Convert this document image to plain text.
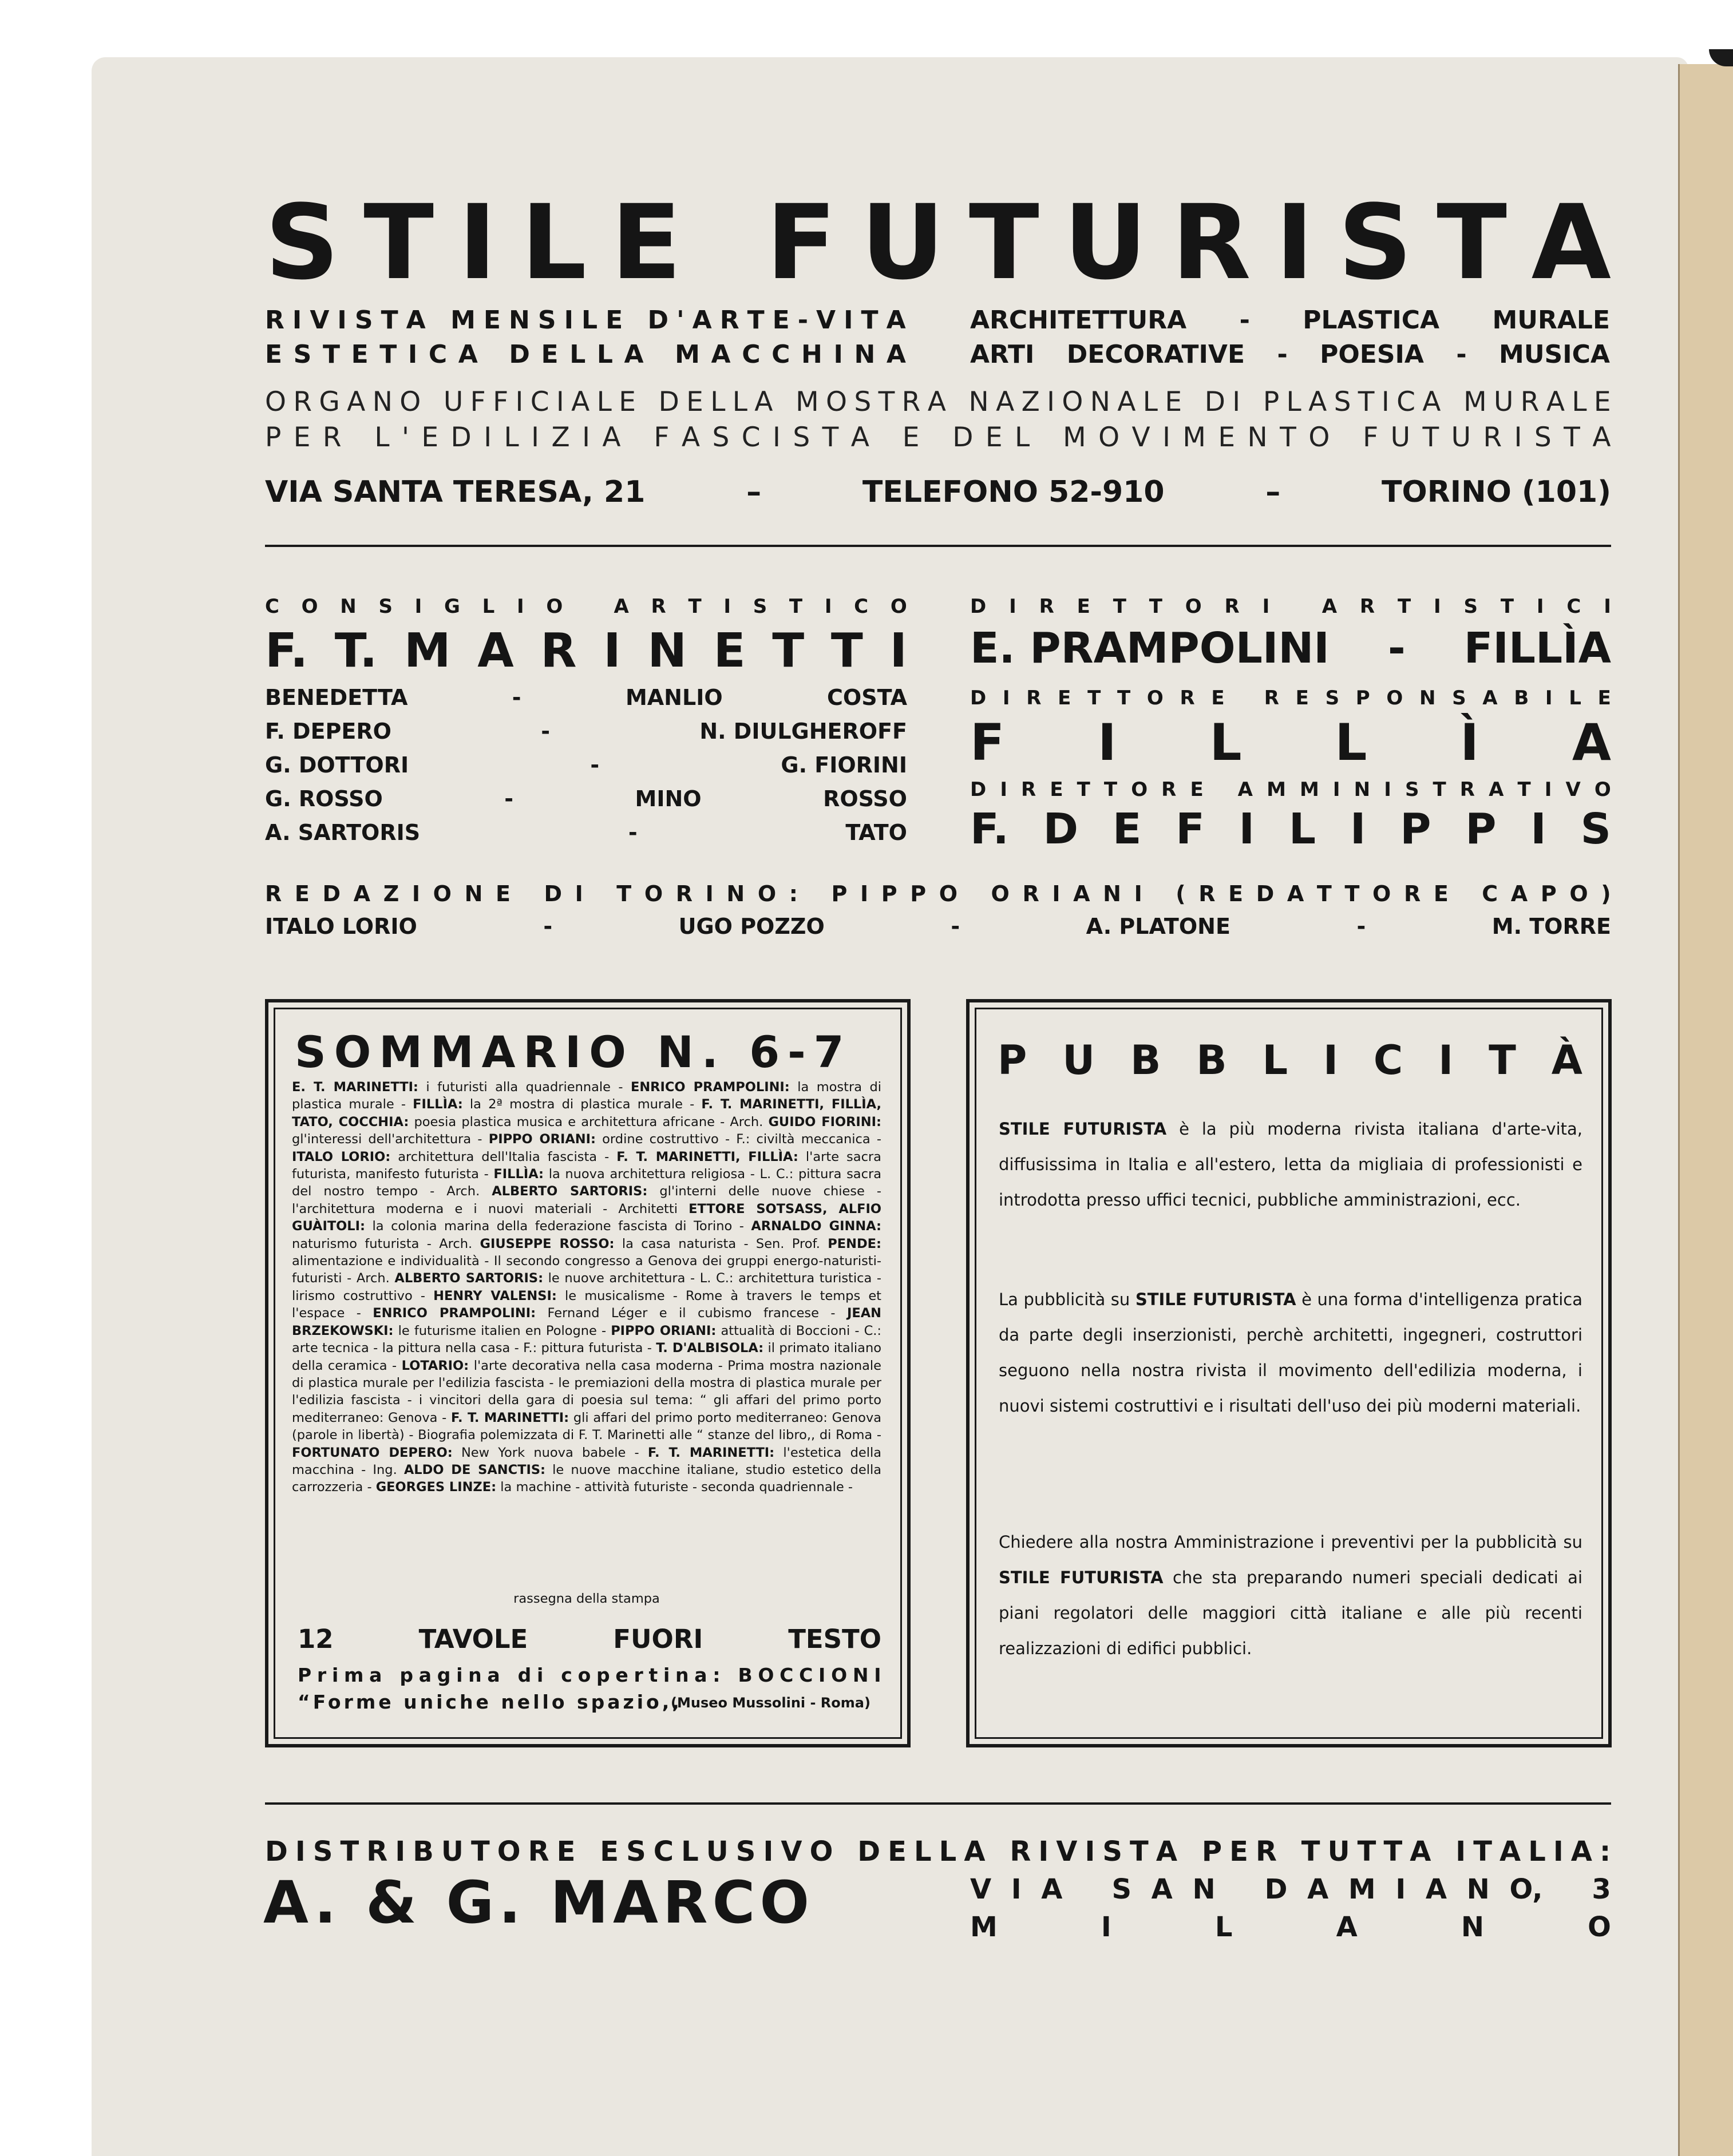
S T I L E
F U T U R I S T A
R I V I S T A
M E N S I L E
D ' A R T E - V I T A
E S T E T I C A
D E L L A
M A C C H I N A
ARCHITETTURA - PLASTICA MURALE
ARTI DECORATIVE - POESIA - MUSICA
O R G A N O
U F F I C I A L E
D E L L A
M O S T R A
N A Z I O N A L E
D I
P L A S T I C A
M U R A L E
P E R
L ' E D I L I Z I A
F A S C I S T A
E
D E L
M O V I M E N T O
F U T U R I S T A
VIA SANTA TERESA, 21	–	TELEFONO 52-910	–	TORINO (101)
C O N S I G L I O
	A R T I S T I C O
F. T. M A R I N E T T I
BENEDETTA	-	MANLIO	COSTA
F. DEPERO	-	N. DIULGHEROFF
G. DOTTORI	-	G. FIORINI
G. ROSSO	-	MINO	ROSSO
A. SARTORIS	-	TATO
D I R E T T O R I
	A R T I S T I C I
E. PRAMPOLINI - FILLÌA
D I R E T T O R E
R E S P O N S A B I L E
F I L L Ì A
D I R E T T O R E
A M M I N I S T R A T I V O
F. D E F I L I P P I S
R E D A Z I O N E
D I
T O R I N O :
P I P P O
O R I A N I
( R E D A T T O R E
C A P O )
ITALO LORIO	-	UGO POZZO	-	A. PLATONE	-	M. TORRE
SOMMARIO N. 6-7
E. T. MARINETTI: i futuristi alla quadriennale - ENRICO PRAMPOLINI: la mostra di plastica murale - FILLÌA: la 2ª mostra di plastica murale - F. T. MARINETTI, FILLÌA, TATO, COCCHIA: poesia plastica musica e architettura africane - Arch. GUIDO FIORINI: gl'interessi dell'architettura - PIPPO ORIANI: ordine costruttivo - F.: civiltà meccanica - ITALO LORIO: architettura dell'Italia fascista - F. T. MARINETTI, FILLÌA: l'arte sacra futurista, manifesto futurista - FILLÌA: la nuova architettura religiosa - L. C.: pittura sacra del nostro tempo - Arch. ALBERTO SARTORIS: gl'interni delle nuove chiese - l'architettura moderna e i nuovi materiali - Architetti ETTORE SOTSASS, ALFIO GUÀITOLI: la colonia marina della federazione fascista di Torino - ARNALDO GINNA: naturismo futurista - Arch. GIUSEPPE ROSSO: la casa naturista - Sen. Prof. PENDE: alimentazione e individualità - Il secondo congresso a Genova dei gruppi energo-naturisti-futuristi - Arch. ALBERTO SARTORIS: le nuove architettura - L. C.: architettura turistica - lirismo costruttivo - HENRY VALENSI: le musicalisme - Rome à travers le temps et l'espace - ENRICO PRAMPOLINI: Fernand Léger e il cubismo francese - JEAN BRZEKOWSKI: le futurisme italien en Pologne - PIPPO ORIANI: attualità di Boccioni - C.: arte tecnica - la pittura nella casa - F.: pittura futurista - T. D'ALBISOLA: il primato italiano della ceramica - LOTARIO: l'arte decorativa nella casa moderna - Prima mostra nazionale di plastica murale per l'edilizia fascista - le premiazioni della mostra di plastica murale per l'edilizia fascista - i vincitori della gara di poesia sul tema: “ gli affari del primo porto mediterraneo: Genova - F. T. MARINETTI: gli affari del primo porto mediterraneo: Genova (parole in libertà) - Biografia polemizzata di F. T. Marinetti alle “ stanze del libro,, di Roma - FORTUNATO DEPERO: New York nuova babele - F. T. MARINETTI: l'estetica della macchina - Ing. ALDO DE SANCTIS: le nuove macchine italiane, studio estetico della carrozzeria - GEORGES LINZE: la machine - attività futuriste - seconda quadriennale -
rassegna della stampa
12	TAVOLE	FUORI	TESTO
P r i m a
p a g i n a
d i
c o p e r t i n a :
B O C C I O N I
“Forme uniche nello spazio,,
(Museo Mussolini - Roma)
P U B B L I C I T À
STILE FUTURISTA è la più moderna rivista italiana d'arte-vita, diffusissima in Italia e all'estero, letta da migliaia di professionisti e introdotta presso uffici tecnici, pubbliche amministrazioni, ecc.
La pubblicità su STILE FUTURISTA è una forma d'intelligenza pratica da parte degli inserzionisti, perchè architetti, ingegneri, costruttori seguono nella nostra rivista il movimento dell'edilizia moderna, i nuovi sistemi costruttivi e i risultati dell'uso dei più moderni materiali.
Chiedere alla nostra Amministrazione i preventivi per la pubblicità su STILE FUTURISTA che sta preparando numeri speciali dedicati ai piani regolatori delle maggiori città italiane e alle più recenti realizzazioni di edifici pubblici.
D I S T R I B U T O R E
E S C L U S I V O
D E L L A
R I V I S T A
P E R
T U T T A
I T A L I A :
A. & G. MARCO	V I A
S A N
D A M I A N O,
3
M	I	L	A	N	O
